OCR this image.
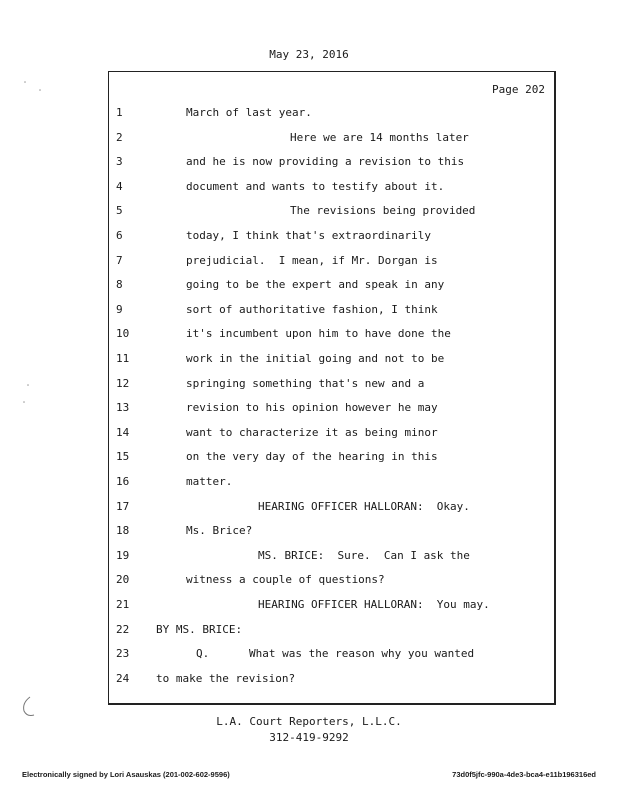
May 23, 2016
Page 202
1	March of last year.
2	Here we are 14 months later
3	and he is now providing a revision to this
4	document and wants to testify about it.
5	The revisions being provided
6	today, I think that's extraordinarily
7	prejudicial.  I mean, if Mr. Dorgan is
8	going to be the expert and speak in any
9	sort of authoritative fashion, I think
10	it's incumbent upon him to have done the
11	work in the initial going and not to be
12	springing something that's new and a
13	revision to his opinion however he may
14	want to characterize it as being minor
15	on the very day of the hearing in this
16	matter.
17	HEARING OFFICER HALLORAN:  Okay.
18	Ms. Brice?
19	MS. BRICE:  Sure.  Can I ask the
20	witness a couple of questions?
21	HEARING OFFICER HALLORAN:  You may.
22	BY MS. BRICE:
23	Q.      What was the reason why you wanted
24	to make the revision?
L.A. Court Reporters, L.L.C.
312-419-9292
Electronically signed by Lori Asauskas (201-002-602-9596)	73d0f5jfc-990a-4de3-bca4-e11b196316ed
